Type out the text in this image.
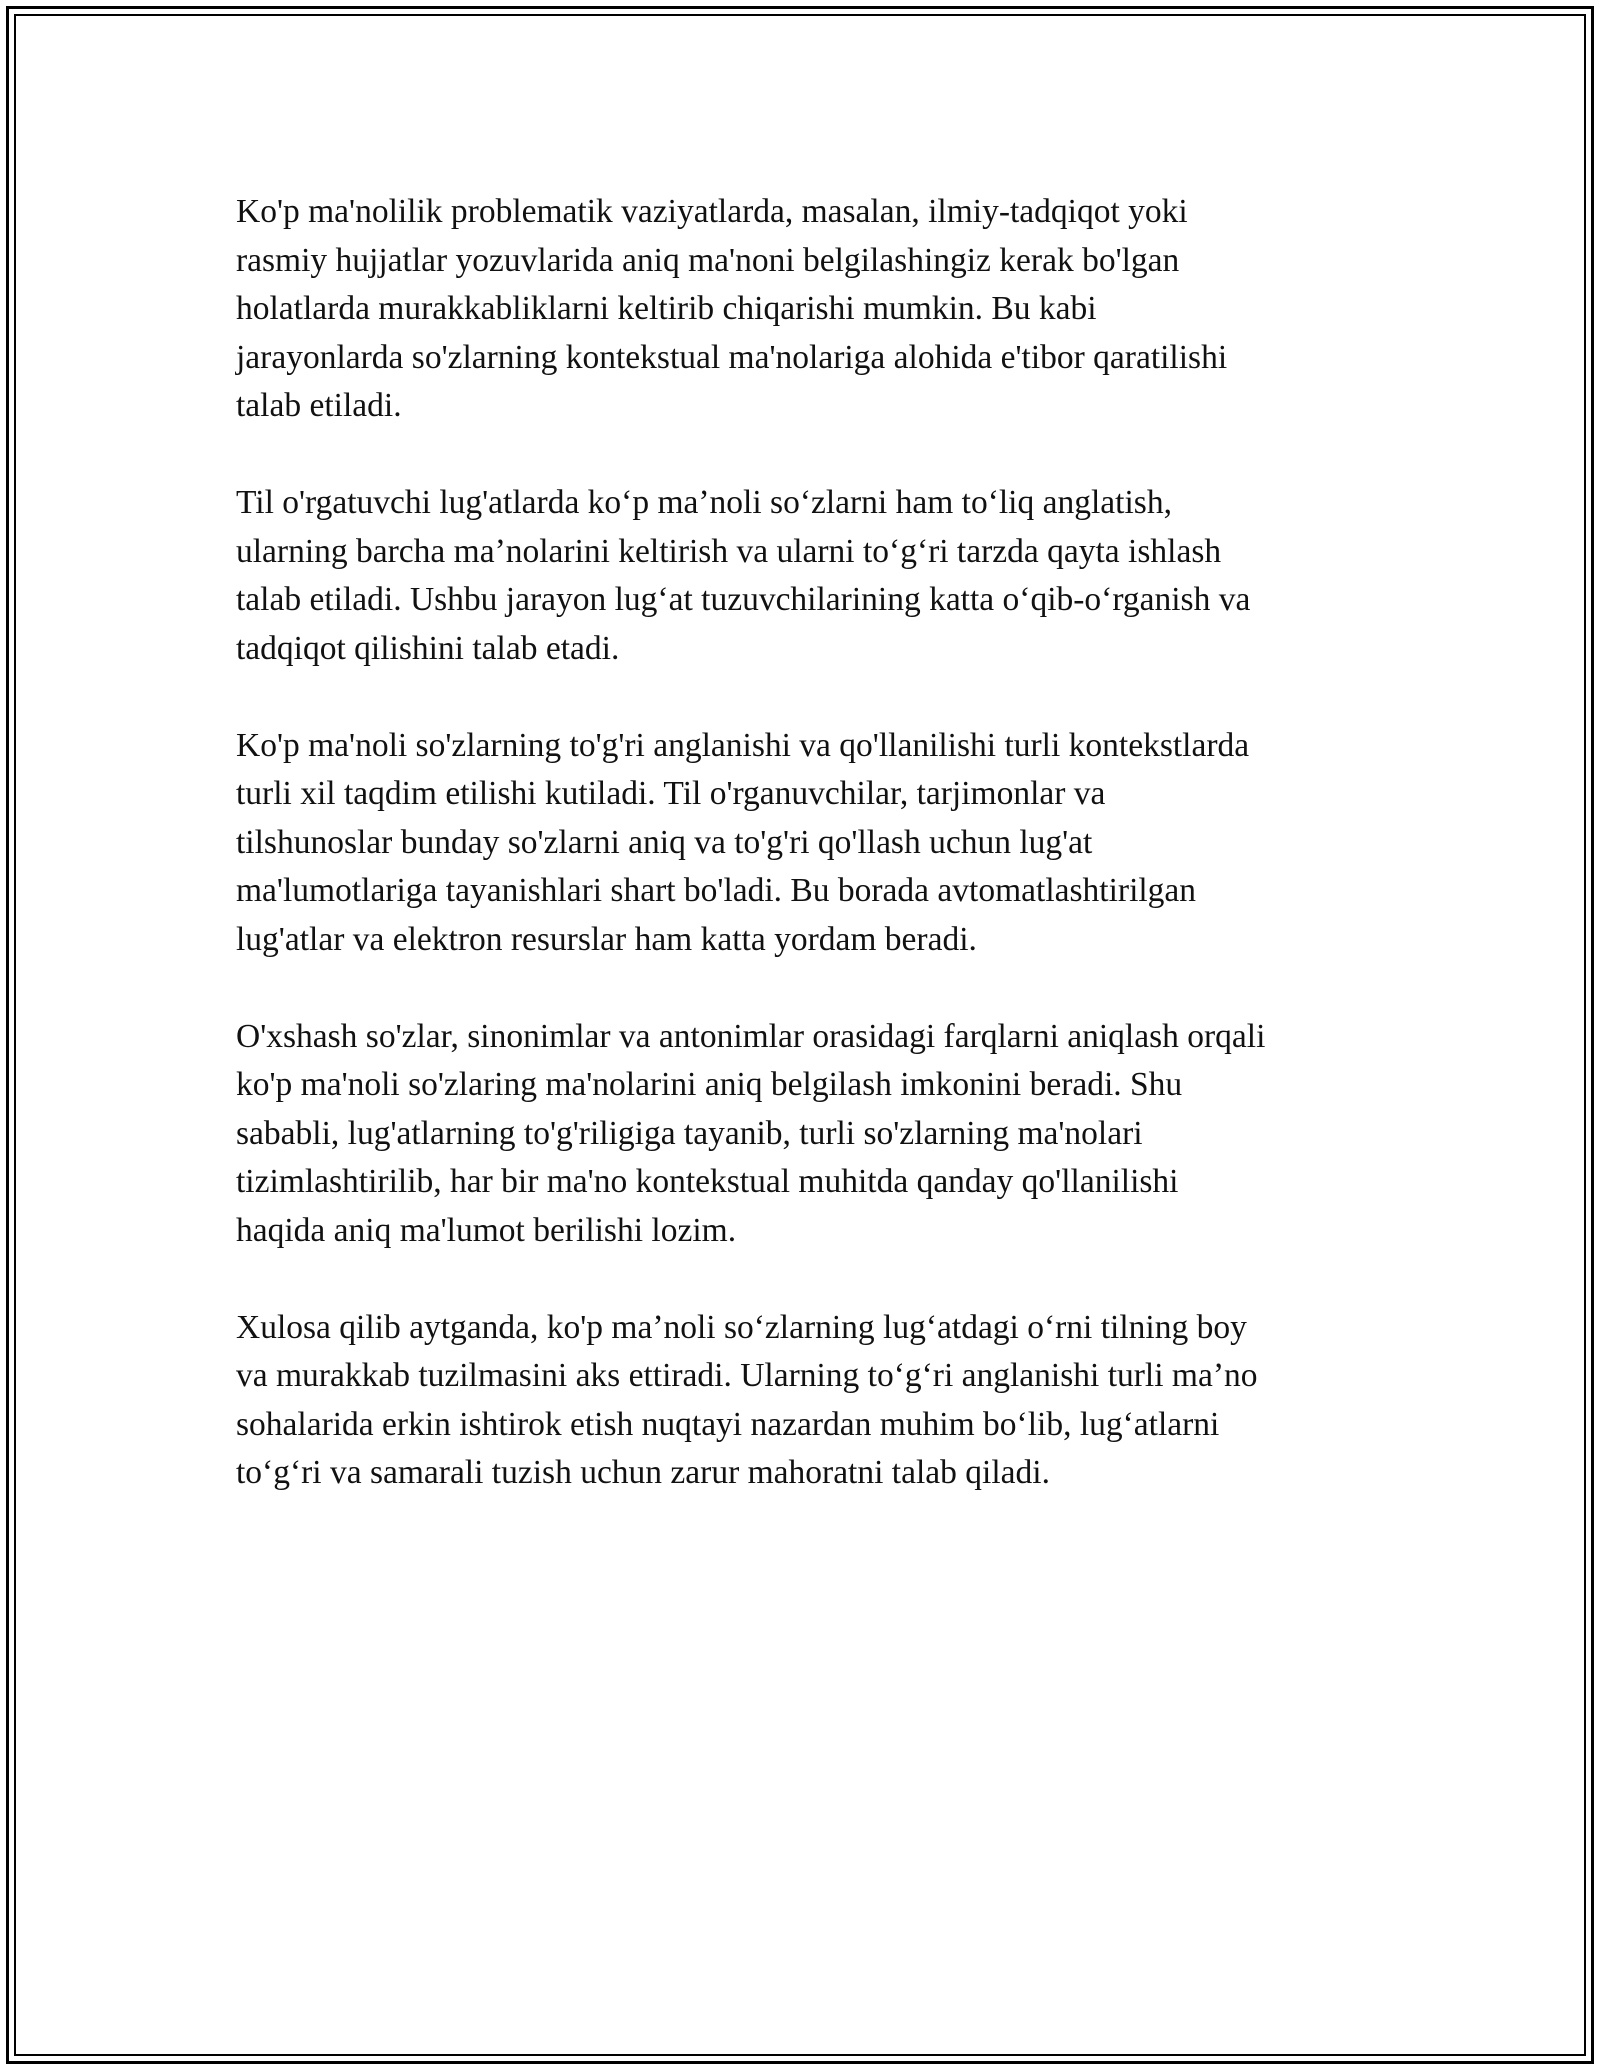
Ko'p ma'nolilik problematik vaziyatlarda, masalan, ilmiy-tadqiqot yoki
rasmiy hujjatlar yozuvlarida aniq ma'noni belgilashingiz kerak bo'lgan
holatlarda murakkabliklarni keltirib chiqarishi mumkin. Bu kabi
jarayonlarda so'zlarning kontekstual ma'nolariga alohida e'tibor qaratilishi
talab etiladi.

Til o'rgatuvchi lug'atlarda koʻp maʼnoli soʻzlarni ham toʻliq anglatish,
ularning barcha maʼnolarini keltirish va ularni toʻgʻri tarzda qayta ishlash
talab etiladi. Ushbu jarayon lugʻat tuzuvchilarining katta oʻqib-oʻrganish va
tadqiqot qilishini talab etadi.

Ko'p ma'noli so'zlarning to'g'ri anglanishi va qo'llanilishi turli kontekstlarda
turli xil taqdim etilishi kutiladi. Til o'rganuvchilar, tarjimonlar va
tilshunoslar bunday so'zlarni aniq va to'g'ri qo'llash uchun lug'at
ma'lumotlariga tayanishlari shart bo'ladi. Bu borada avtomatlashtirilgan
lug'atlar va elektron resurslar ham katta yordam beradi.

O'xshash so'zlar, sinonimlar va antonimlar orasidagi farqlarni aniqlash orqali
ko'p ma'noli so'zlaring ma'nolarini aniq belgilash imkonini beradi. Shu
sababli, lug'atlarning to'g'riligiga tayanib, turli so'zlarning ma'nolari
tizimlashtirilib, har bir ma'no kontekstual muhitda qanday qo'llanilishi
haqida aniq ma'lumot berilishi lozim.

Xulosa qilib aytganda, ko'p maʼnoli soʻzlarning lugʻatdagi oʻrni tilning boy
va murakkab tuzilmasini aks ettiradi. Ularning toʻgʻri anglanishi turli maʼno
sohalarida erkin ishtirok etish nuqtayi nazardan muhim boʻlib, lugʻatlarni
toʻgʻri va samarali tuzish uchun zarur mahoratni talab qiladi.
